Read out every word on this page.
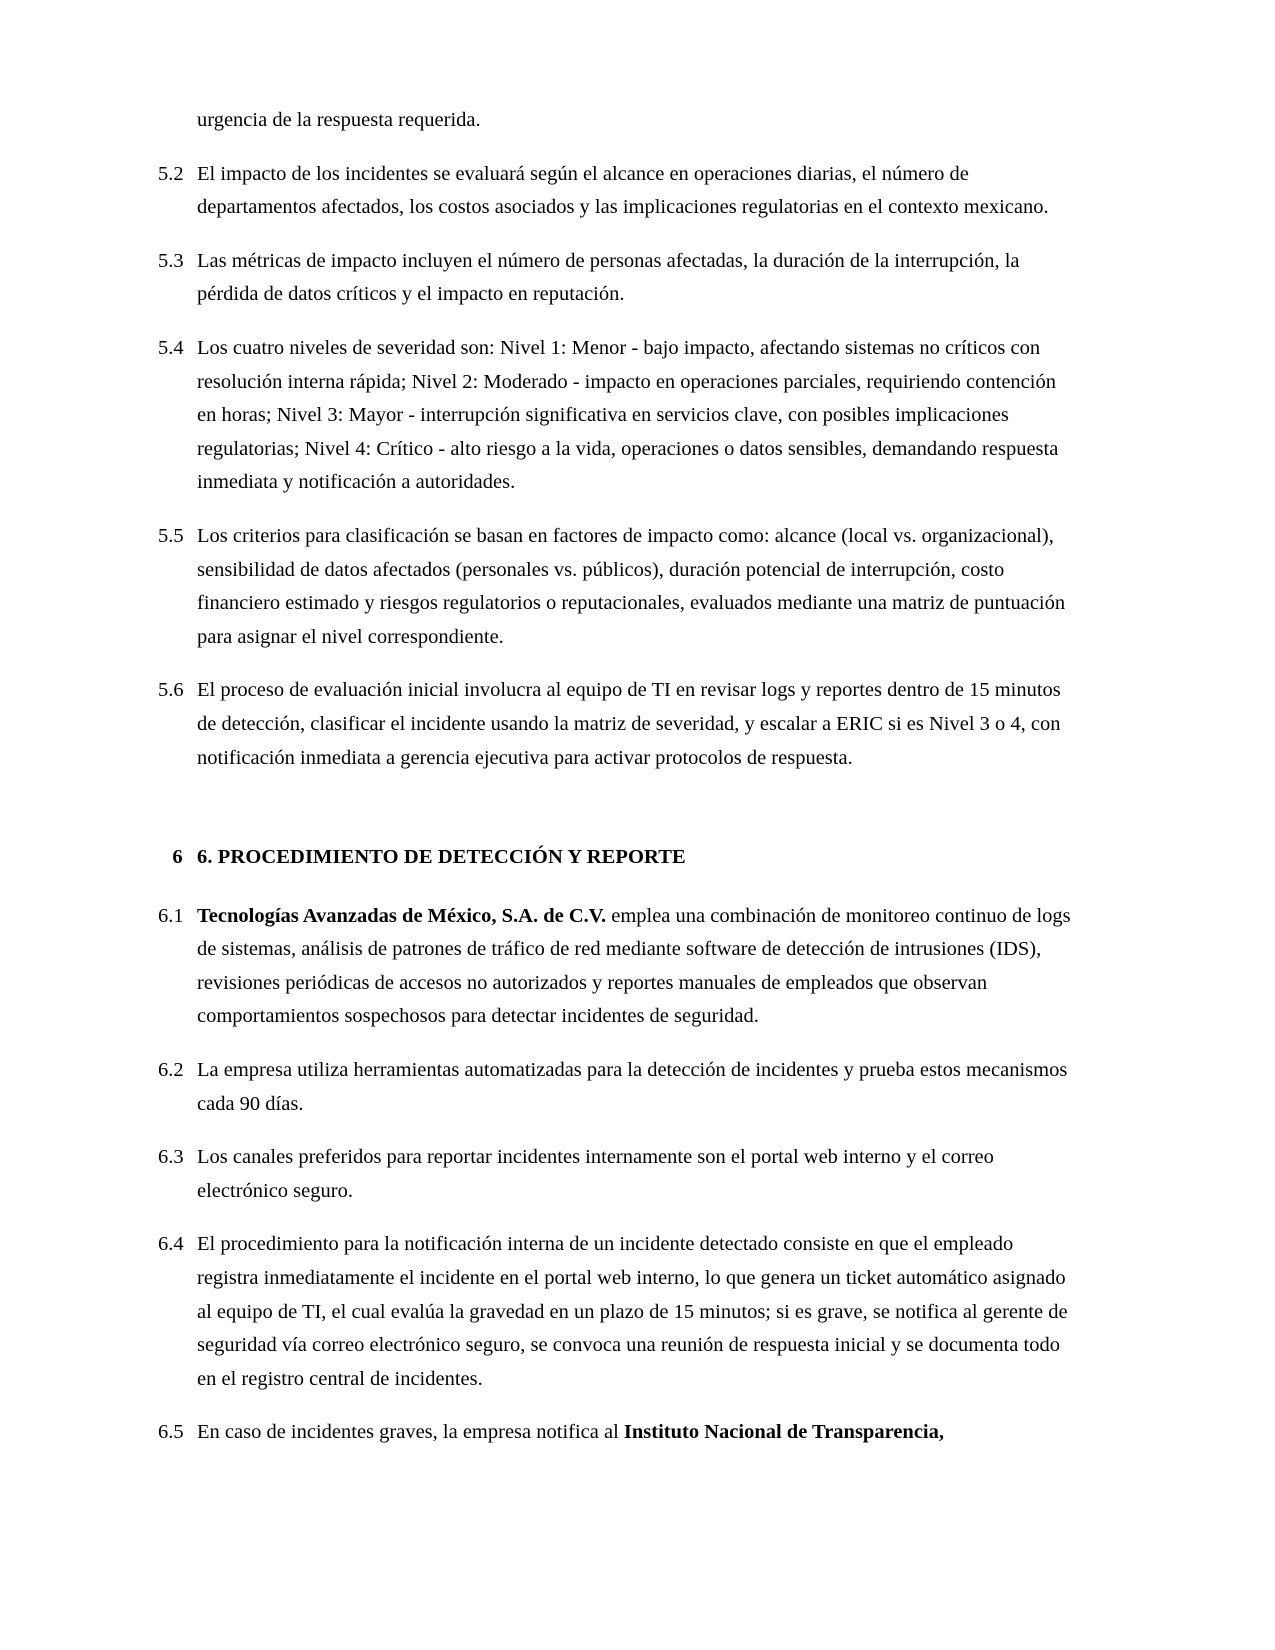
urgencia de la respuesta requerida.

5.2 El impacto de los incidentes se evaluará según el alcance en operaciones diarias, el número de departamentos afectados, los costos asociados y las implicaciones regulatorias en el contexto mexicano.
5.3 Las métricas de impacto incluyen el número de personas afectadas, la duración de la interrupción, la pérdida de datos críticos y el impacto en reputación.
5.4 Los cuatro niveles de severidad son: Nivel 1: Menor - bajo impacto, afectando sistemas no críticos con resolución interna rápida; Nivel 2: Moderado - impacto en operaciones parciales, requiriendo contención en horas; Nivel 3: Mayor - interrupción significativa en servicios clave, con posibles implicaciones regulatorias; Nivel 4: Crítico - alto riesgo a la vida, operaciones o datos sensibles, demandando respuesta inmediata y notificación a autoridades.
5.5 Los criterios para clasificación se basan en factores de impacto como: alcance (local vs. organizacional), sensibilidad de datos afectados (personales vs. públicos), duración potencial de interrupción, costo financiero estimado y riesgos regulatorios o reputacionales, evaluados mediante una matriz de puntuación para asignar el nivel correspondiente.
5.6 El proceso de evaluación inicial involucra al equipo de TI en revisar logs y reportes dentro de 15 minutos de detección, clasificar el incidente usando la matriz de severidad, y escalar a ERIC si es Nivel 3 o 4, con notificación inmediata a gerencia ejecutiva para activar protocolos de respuesta.
6 6. PROCEDIMIENTO DE DETECCIÓN Y REPORTE
6.1 Tecnologías Avanzadas de México, S.A. de C.V. emplea una combinación de monitoreo continuo de logs de sistemas, análisis de patrones de tráfico de red mediante software de detección de intrusiones (IDS), revisiones periódicas de accesos no autorizados y reportes manuales de empleados que observan comportamientos sospechosos para detectar incidentes de seguridad.
6.2 La empresa utiliza herramientas automatizadas para la detección de incidentes y prueba estos mecanismos cada 90 días.
6.3 Los canales preferidos para reportar incidentes internamente son el portal web interno y el correo electrónico seguro.
6.4 El procedimiento para la notificación interna de un incidente detectado consiste en que el empleado registra inmediatamente el incidente en el portal web interno, lo que genera un ticket automático asignado al equipo de TI, el cual evalúa la gravedad en un plazo de 15 minutos; si es grave, se notifica al gerente de seguridad vía correo electrónico seguro, se convoca una reunión de respuesta inicial y se documenta todo en el registro central de incidentes.
6.5 En caso de incidentes graves, la empresa notifica al Instituto Nacional de Transparencia,
